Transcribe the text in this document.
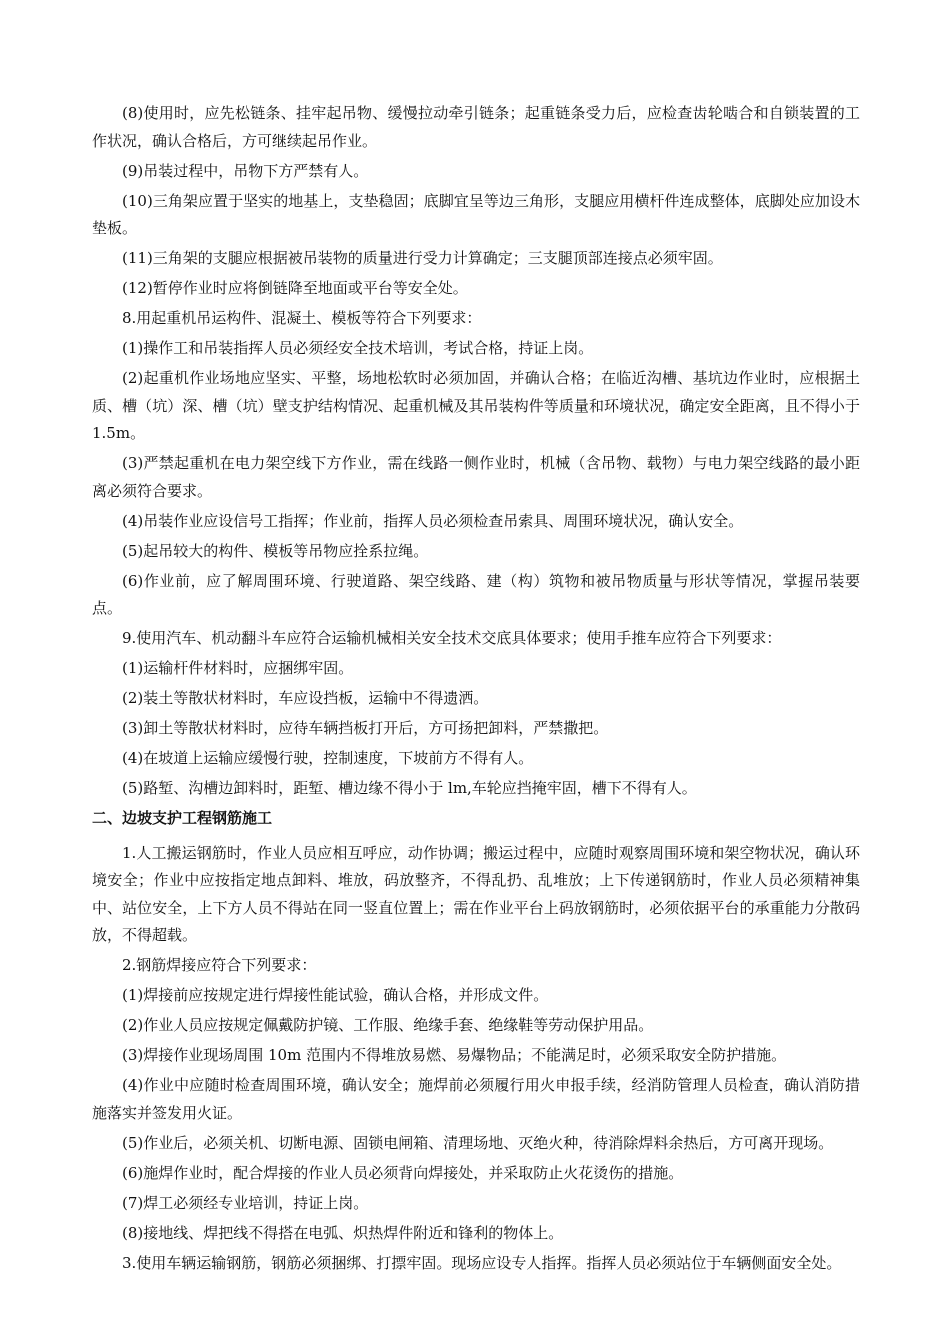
(8)使用时，应先松链条、挂牢起吊物、缓慢拉动牵引链条；起重链条受力后，应检查齿轮啮合和自锁装置的工作状况，确认合格后，方可继续起吊作业。

(9)吊装过程中，吊物下方严禁有人。

(10)三角架应置于坚实的地基上，支垫稳固；底脚宜呈等边三角形，支腿应用横杆件连成整体，底脚处应加设木垫板。

(11)三角架的支腿应根据被吊装物的质量进行受力计算确定；三支腿顶部连接点必须牢固。

(12)暂停作业时应将倒链降至地面或平台等安全处。

8.用起重机吊运构件、混凝土、模板等符合下列要求：

(1)操作工和吊装指挥人员必须经安全技术培训，考试合格，持证上岗。

(2)起重机作业场地应坚实、平整，场地松软时必须加固，并确认合格；在临近沟槽、基坑边作业时，应根据土质、槽（坑）深、槽（坑）壁支护结构情况、起重机械及其吊装构件等质量和环境状况，确定安全距离，且不得小于 1.5m。

(3)严禁起重机在电力架空线下方作业，需在线路一侧作业时，机械（含吊物、载物）与电力架空线路的最小距离必须符合要求。

(4)吊装作业应设信号工指挥；作业前，指挥人员必须检查吊索具、周围环境状况，确认安全。

(5)起吊较大的构件、模板等吊物应拴系拉绳。

(6)作业前，应了解周围环境、行驶道路、架空线路、建（构）筑物和被吊物质量与形状等情况，掌握吊装要点。

9.使用汽车、机动翻斗车应符合运输机械相关安全技术交底具体要求；使用手推车应符合下列要求：

(1)运输杆件材料时，应捆绑牢固。

(2)装土等散状材料时，车应设挡板，运输中不得遗洒。

(3)卸土等散状材料时，应待车辆挡板打开后，方可扬把卸料，严禁撒把。

(4)在坡道上运输应缓慢行驶，控制速度，下坡前方不得有人。

(5)路堑、沟槽边卸料时，距堑、槽边缘不得小于 lm,车轮应挡掩牢固，槽下不得有人。

二、边坡支护工程钢筋施工

1.人工搬运钢筋时，作业人员应相互呼应，动作协调；搬运过程中，应随时观察周围环境和架空物状况，确认环境安全；作业中应按指定地点卸料、堆放，码放整齐，不得乱扔、乱堆放；上下传递钢筋时，作业人员必须精神集中、站位安全，上下方人员不得站在同一竖直位置上；需在作业平台上码放钢筋时，必须依据平台的承重能力分散码放，不得超载。

2.钢筋焊接应符合下列要求：

(1)焊接前应按规定进行焊接性能试验，确认合格，并形成文件。

(2)作业人员应按规定佩戴防护镜、工作服、绝缘手套、绝缘鞋等劳动保护用品。

(3)焊接作业现场周围 10m 范围内不得堆放易燃、易爆物品；不能满足时，必须采取安全防护措施。

(4)作业中应随时检查周围环境，确认安全；施焊前必须履行用火申报手续，经消防管理人员检查，确认消防措施落实并签发用火证。

(5)作业后，必须关机、切断电源、固锁电闸箱、清理场地、灭绝火种，待消除焊料余热后，方可离开现场。

(6)施焊作业时，配合焊接的作业人员必须背向焊接处，并采取防止火花烫伤的措施。

(7)焊工必须经专业培训，持证上岗。

(8)接地线、焊把线不得搭在电弧、炽热焊件附近和锋利的物体上。

3.使用车辆运输钢筋，钢筋必须捆绑、打摽牢固。现场应设专人指挥。指挥人员必须站位于车辆侧面安全处。
